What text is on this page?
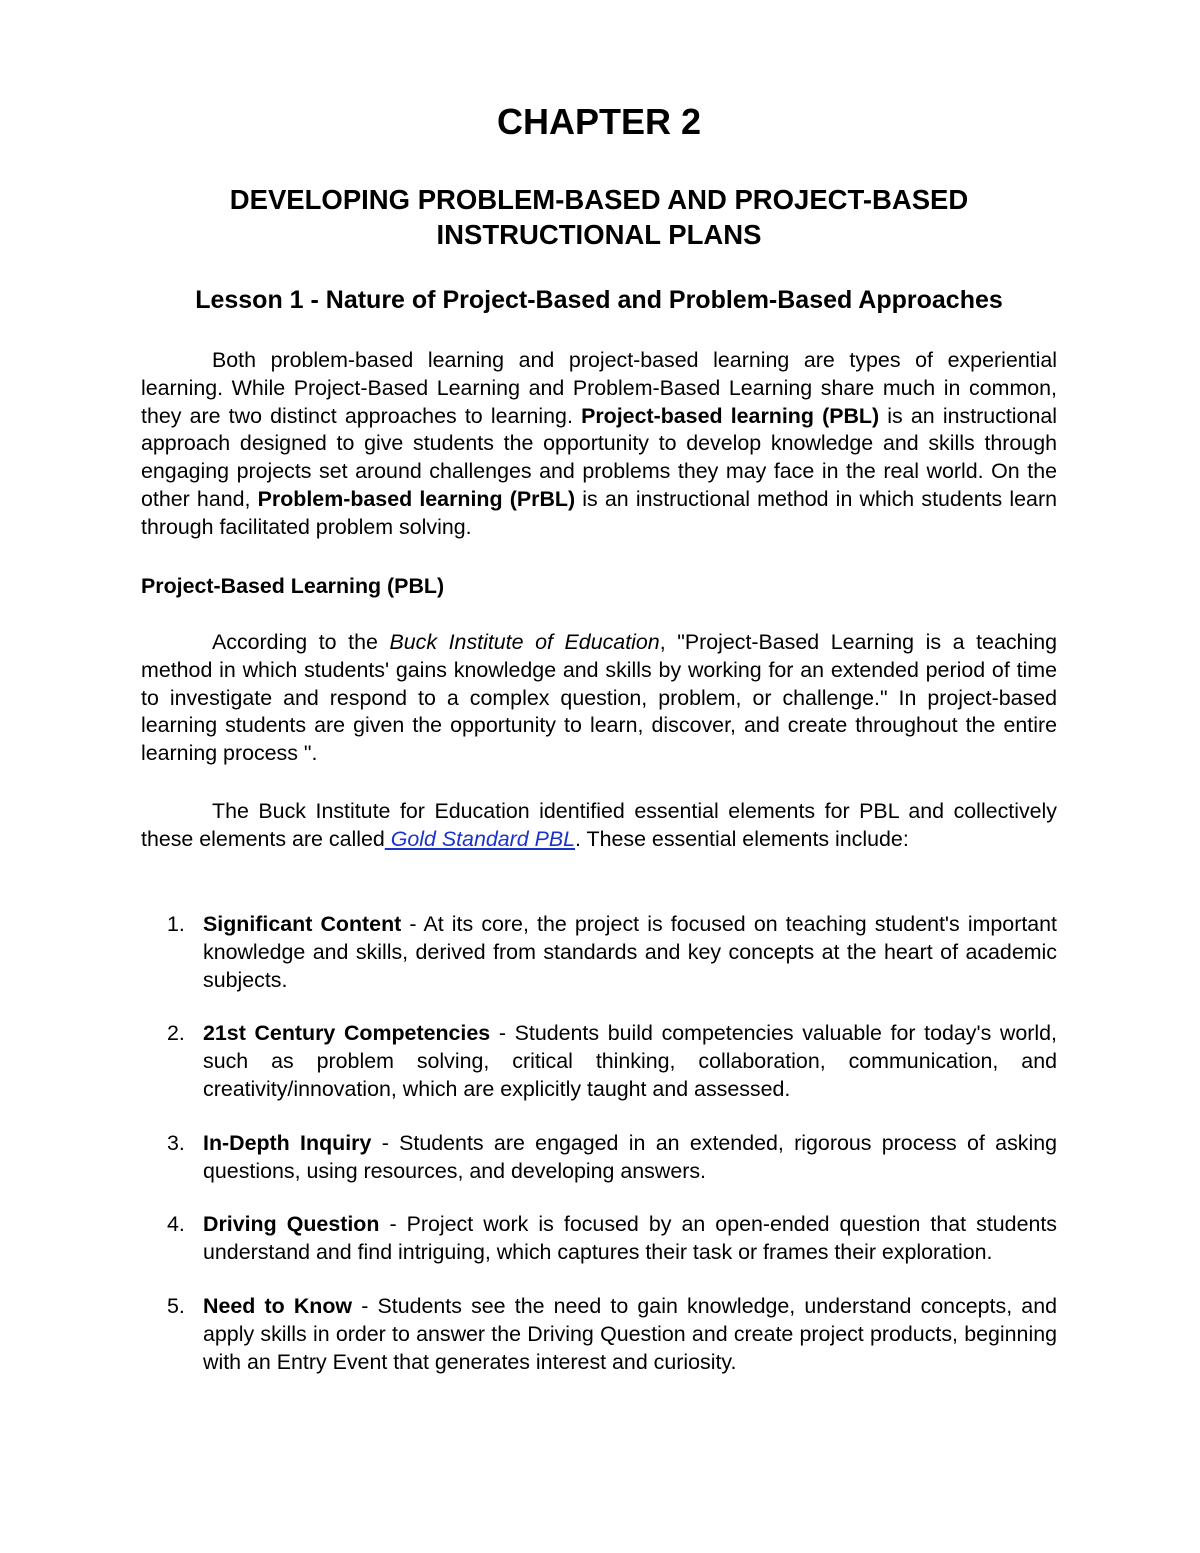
CHAPTER 2
DEVELOPING PROBLEM-BASED AND PROJECT-BASED
INSTRUCTIONAL PLANS
Lesson 1 - Nature of Project-Based and Problem-Based Approaches

Both problem-based learning and project-based learning are types of experiential learning. While Project-Based Learning and Problem-Based Learning share much in common, they are two distinct approaches to learning. Project-based learning (PBL) is an instructional approach designed to give students the opportunity to develop knowledge and skills through engaging projects set around challenges and problems they may face in the real world. On the other hand, Problem-based learning (PrBL) is an instructional method in which students learn through facilitated problem solving.

Project-Based Learning (PBL)

According to the Buck Institute of Education, "Project-Based Learning is a teaching method in which students' gains knowledge and skills by working for an extended period of time to investigate and respond to a complex question, problem, or challenge." In project-based learning students are given the opportunity to learn, discover, and create throughout the entire learning process ".

The Buck Institute for Education identified essential elements for PBL and collectively these elements are called Gold Standard PBL. These essential elements include:

1. Significant Content - At its core, the project is focused on teaching student's important knowledge and skills, derived from standards and key concepts at the heart of academic subjects.
2. 21st Century Competencies - Students build competencies valuable for today's world, such as problem solving, critical thinking, collaboration, communication, and creativity/innovation, which are explicitly taught and assessed.
3. In-Depth Inquiry - Students are engaged in an extended, rigorous process of asking questions, using resources, and developing answers.
4. Driving Question - Project work is focused by an open-ended question that students understand and find intriguing, which captures their task or frames their exploration.
5. Need to Know - Students see the need to gain knowledge, understand concepts, and apply skills in order to answer the Driving Question and create project products, beginning with an Entry Event that generates interest and curiosity.
